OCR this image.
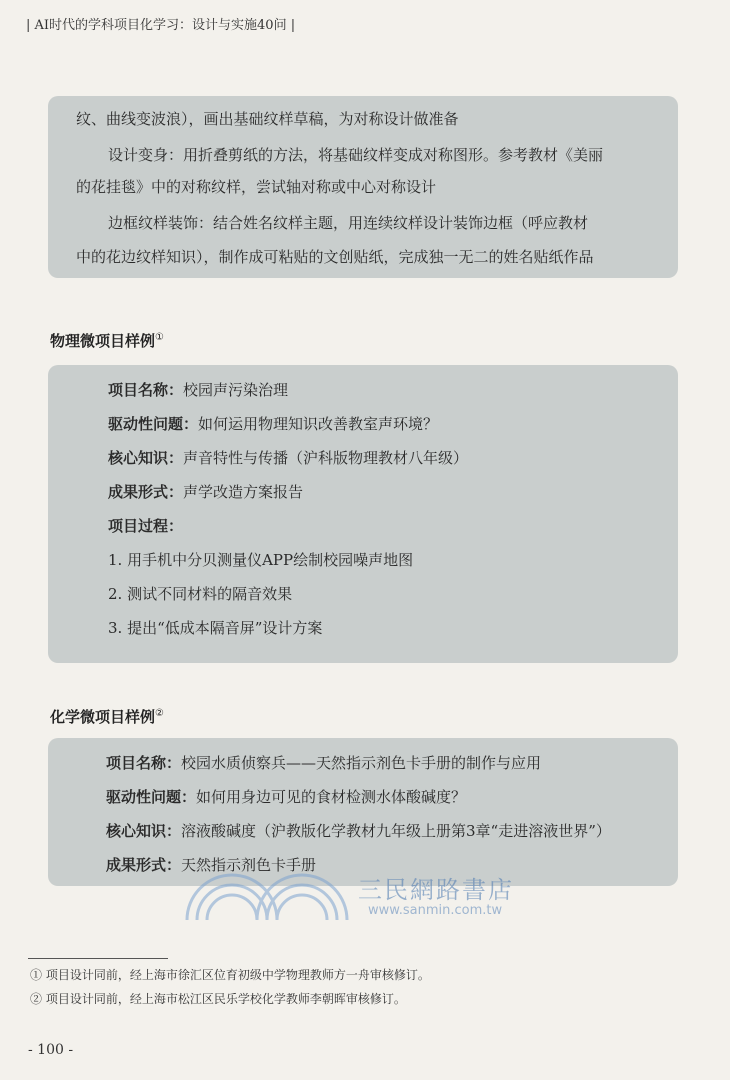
| AI时代的学科项目化学习：设计与实施40问 |

纹、曲线变波浪），画出基础纹样草稿，为对称设计做准备

设计变身：用折叠剪纸的方法，将基础纹样变成对称图形。参考教材《美丽

的花挂毯》中的对称纹样，尝试轴对称或中心对称设计

边框纹样装饰：结合姓名纹样主题，用连续纹样设计装饰边框（呼应教材

中的花边纹样知识），制作成可粘贴的文创贴纸，完成独一无二的姓名贴纸作品

物理微项目样例①

项目名称：校园声污染治理

驱动性问题：如何运用物理知识改善教室声环境？

核心知识：声音特性与传播（沪科版物理教材八年级）

成果形式：声学改造方案报告

项目过程：

1. 用手机中分贝测量仪APP绘制校园噪声地图

2. 测试不同材料的隔音效果

3. 提出“低成本隔音屏”设计方案

化学微项目样例②

项目名称：校园水质侦察兵——天然指示剂色卡手册的制作与应用

驱动性问题：如何用身边可见的食材检测水体酸碱度？

核心知识：溶液酸碱度（沪教版化学教材九年级上册第3章“走进溶液世界”）

成果形式：天然指示剂色卡手册

三民網路書店
www.sanmin.com.tw
① 项目设计同前，经上海市徐汇区位育初级中学物理教师方一舟审核修订。
② 项目设计同前，经上海市松江区民乐学校化学教师李朝晖审核修订。
- 100 -
